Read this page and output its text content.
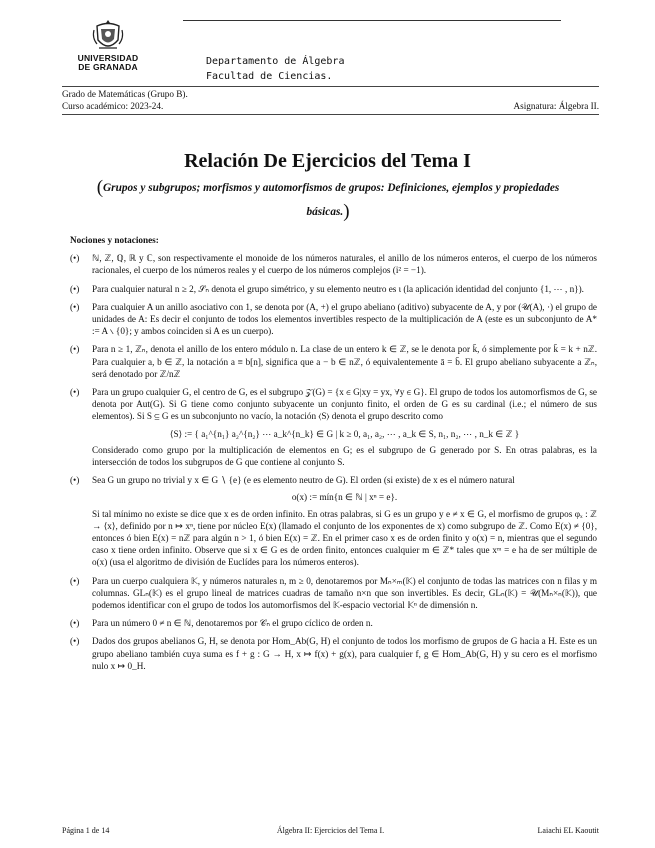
UNIVERSIDAD
DE GRANADA	Departamento de Álgebra
Facultad de Ciencias.
Grado de Matemáticas (Grupo B).
Curso académico: 2023-24.	Asignatura: Álgebra II.
Relación De Ejercicios del Tema I
(Grupos y subgrupos; morfismos y automorfismos de grupos: Definiciones, ejemplos y propiedades básicas.)
Nociones y notaciones:
(•) ℕ, ℤ, ℚ, ℝ y ℂ, son respectivamente el monoide de los números naturales, el anillo de los números enteros, el cuerpo de los números racionales, el cuerpo de los números reales y el cuerpo de los números complejos (i² = −1).
(•) Para cualquier natural n ≥ 2, 𝒮ₙ denota el grupo simétrico, y su elemento neutro es ι (la aplicación identidad del conjunto {1, ⋯ , n}).
(•) Para cualquier A un anillo asociativo con 1, se denota por (A, +) el grupo abeliano (aditivo) subyacente de A, y por (𝒰(A), ·) el grupo de unidades de A: Es decir el conjunto de todos los elementos invertibles respecto de la multiplicación de A (este es un subconjunto de A* := A ∖ {0}; y ambos coinciden si A es un cuerpo).
(•) Para n ≥ 1, ℤₙ, denota el anillo de los entero módulo n. La clase de un entero k ∈ ℤ, se le denota por k̄, ó simplemente por k̄ = k + nℤ. Para cualquier a, b ∈ ℤ, la notación a ≡ b[n], significa que a − b ∈ nℤ, ó equivalentemente ā = b̄. El grupo abeliano subyacente a ℤₙ, será denotado por ℤ/nℤ
(•) Para un grupo cualquier G, el centro de G, es el subgrupo 𝒵(G) = {x ∈ G|xy = yx, ∀y ∈ G}. El grupo de todos los automorfismos de G, se denota por Aut(G). Si G tiene como conjunto subyacente un conjunto finito, el orden de G es su cardinal (i.e.; el número de sus elementos). Si S ⊆ G es un subconjunto no vacío, la notación ⟨S⟩ denota el grupo descrito como
⟨S⟩ := { a₁^{n₁} a₂^{n₂} ⋯ a_k^{n_k} ∈ G | k ≥ 0, a₁, a₂, ⋯ , a_k ∈ S, n₁, n₂, ⋯ , n_k ∈ ℤ }
Considerado como grupo por la multiplicación de elementos en G; es el subgrupo de G generado por S. En otras palabras, es la intersección de todos los subgrupos de G que contiene al conjunto S.
(•) Sea G un grupo no trivial y x ∈ G ∖ {e} (e es elemento neutro de G). El orden (si existe) de x es el número natural
o(x) := mín{n ∈ ℕ | xⁿ = e}.
Si tal mínimo no existe se dice que x es de orden infinito. En otras palabras, si G es un grupo y e ≠ x ∈ G, el morfismo de grupos φₓ : ℤ → ⟨x⟩, definido por n ↦ xⁿ, tiene por núcleo E(x) (llamado el conjunto de los exponentes de x) como subgrupo de ℤ. Como E(x) ≠ {0}, entonces ó bien E(x) = nℤ para algún n > 1, ó bien E(x) = ℤ. En el primer caso x es de orden finito y o(x) = n, mientras que el segundo caso x tiene orden infinito. Observe que si x ∈ G es de orden finito, entonces cualquier m ∈ ℤ* tales que xᵐ = e ha de ser múltiple de o(x) (usa el algoritmo de división de Euclídes para los números enteros).
(•) Para un cuerpo cualquiera 𝕂, y números naturales n, m ≥ 0, denotaremos por Mₙ×ₘ(𝕂) el conjunto de todas las matrices con n filas y m columnas. GLₙ(𝕂) es el grupo lineal de matrices cuadras de tamaño n×n que son invertibles. Es decir, GLₙ(𝕂) = 𝒰(Mₙ×ₙ(𝕂)), que podemos identificar con el grupo de todos los automorfismos del 𝕂-espacio vectorial 𝕂ⁿ de dimensión n.
(•) Para un número 0 ≠ n ∈ ℕ, denotaremos por 𝒞ₙ el grupo cíclico de orden n.
(•) Dados dos grupos abelianos G, H, se denota por Hom_Ab(G, H) el conjunto de todos los morfismo de grupos de G hacia a H. Este es un grupo abeliano también cuya suma es f + g : G → H, x ↦ f(x) + g(x), para cualquier f, g ∈ Hom_Ab(G, H) y su cero es el morfismo nulo x ↦ 0_H.
Página 1 de 14	Álgebra II: Ejercicios del Tema I.	Laiachi EL Kaoutit
